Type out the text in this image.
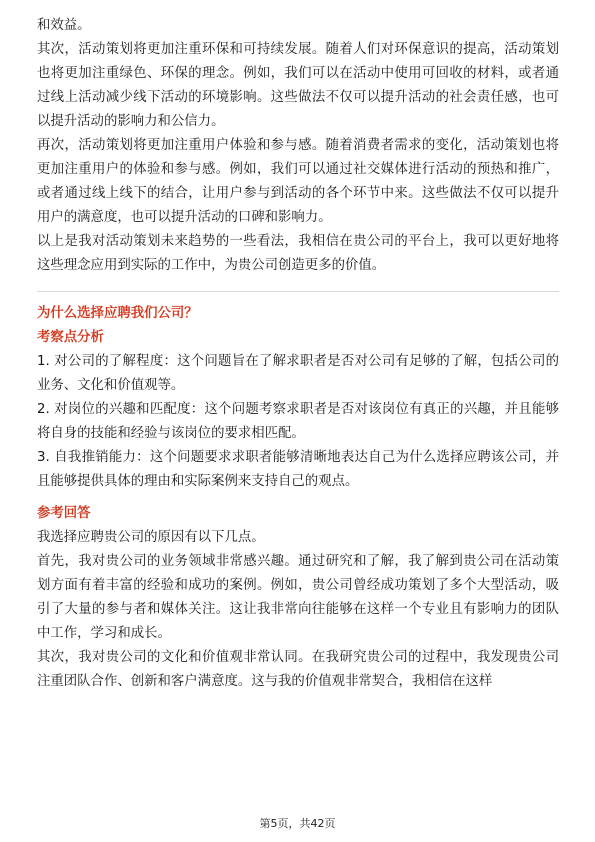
和效益。

其次，活动策划将更加注重环保和可持续发展。随着人们对环保意识的提高，活动策划也将更加注重绿色、环保的理念。例如，我们可以在活动中使用可回收的材料，或者通过线上活动减少线下活动的环境影响。这些做法不仅可以提升活动的社会责任感，也可以提升活动的影响力和公信力。

再次，活动策划将更加注重用户体验和参与感。随着消费者需求的变化，活动策划也将更加注重用户的体验和参与感。例如，我们可以通过社交媒体进行活动的预热和推广，或者通过线上线下的结合，让用户参与到活动的各个环节中来。这些做法不仅可以提升用户的满意度，也可以提升活动的口碑和影响力。

以上是我对活动策划未来趋势的一些看法，我相信在贵公司的平台上，我可以更好地将这些理念应用到实际的工作中，为贵公司创造更多的价值。

为什么选择应聘我们公司？

考察点分析

1. 对公司的了解程度：这个问题旨在了解求职者是否对公司有足够的了解，包括公司的业务、文化和价值观等。

2. 对岗位的兴趣和匹配度：这个问题考察求职者是否对该岗位有真正的兴趣，并且能够将自身的技能和经验与该岗位的要求相匹配。

3. 自我推销能力：这个问题要求求职者能够清晰地表达自己为什么选择应聘该公司，并且能够提供具体的理由和实际案例来支持自己的观点。

参考回答

我选择应聘贵公司的原因有以下几点。

首先，我对贵公司的业务领域非常感兴趣。通过研究和了解，我了解到贵公司在活动策划方面有着丰富的经验和成功的案例。例如，贵公司曾经成功策划了多个大型活动，吸引了大量的参与者和媒体关注。这让我非常向往能够在这样一个专业且有影响力的团队中工作，学习和成长。

其次，我对贵公司的文化和价值观非常认同。在我研究贵公司的过程中，我发现贵公司注重团队合作、创新和客户满意度。这与我的价值观非常契合，我相信在这样

第5页，共42页
